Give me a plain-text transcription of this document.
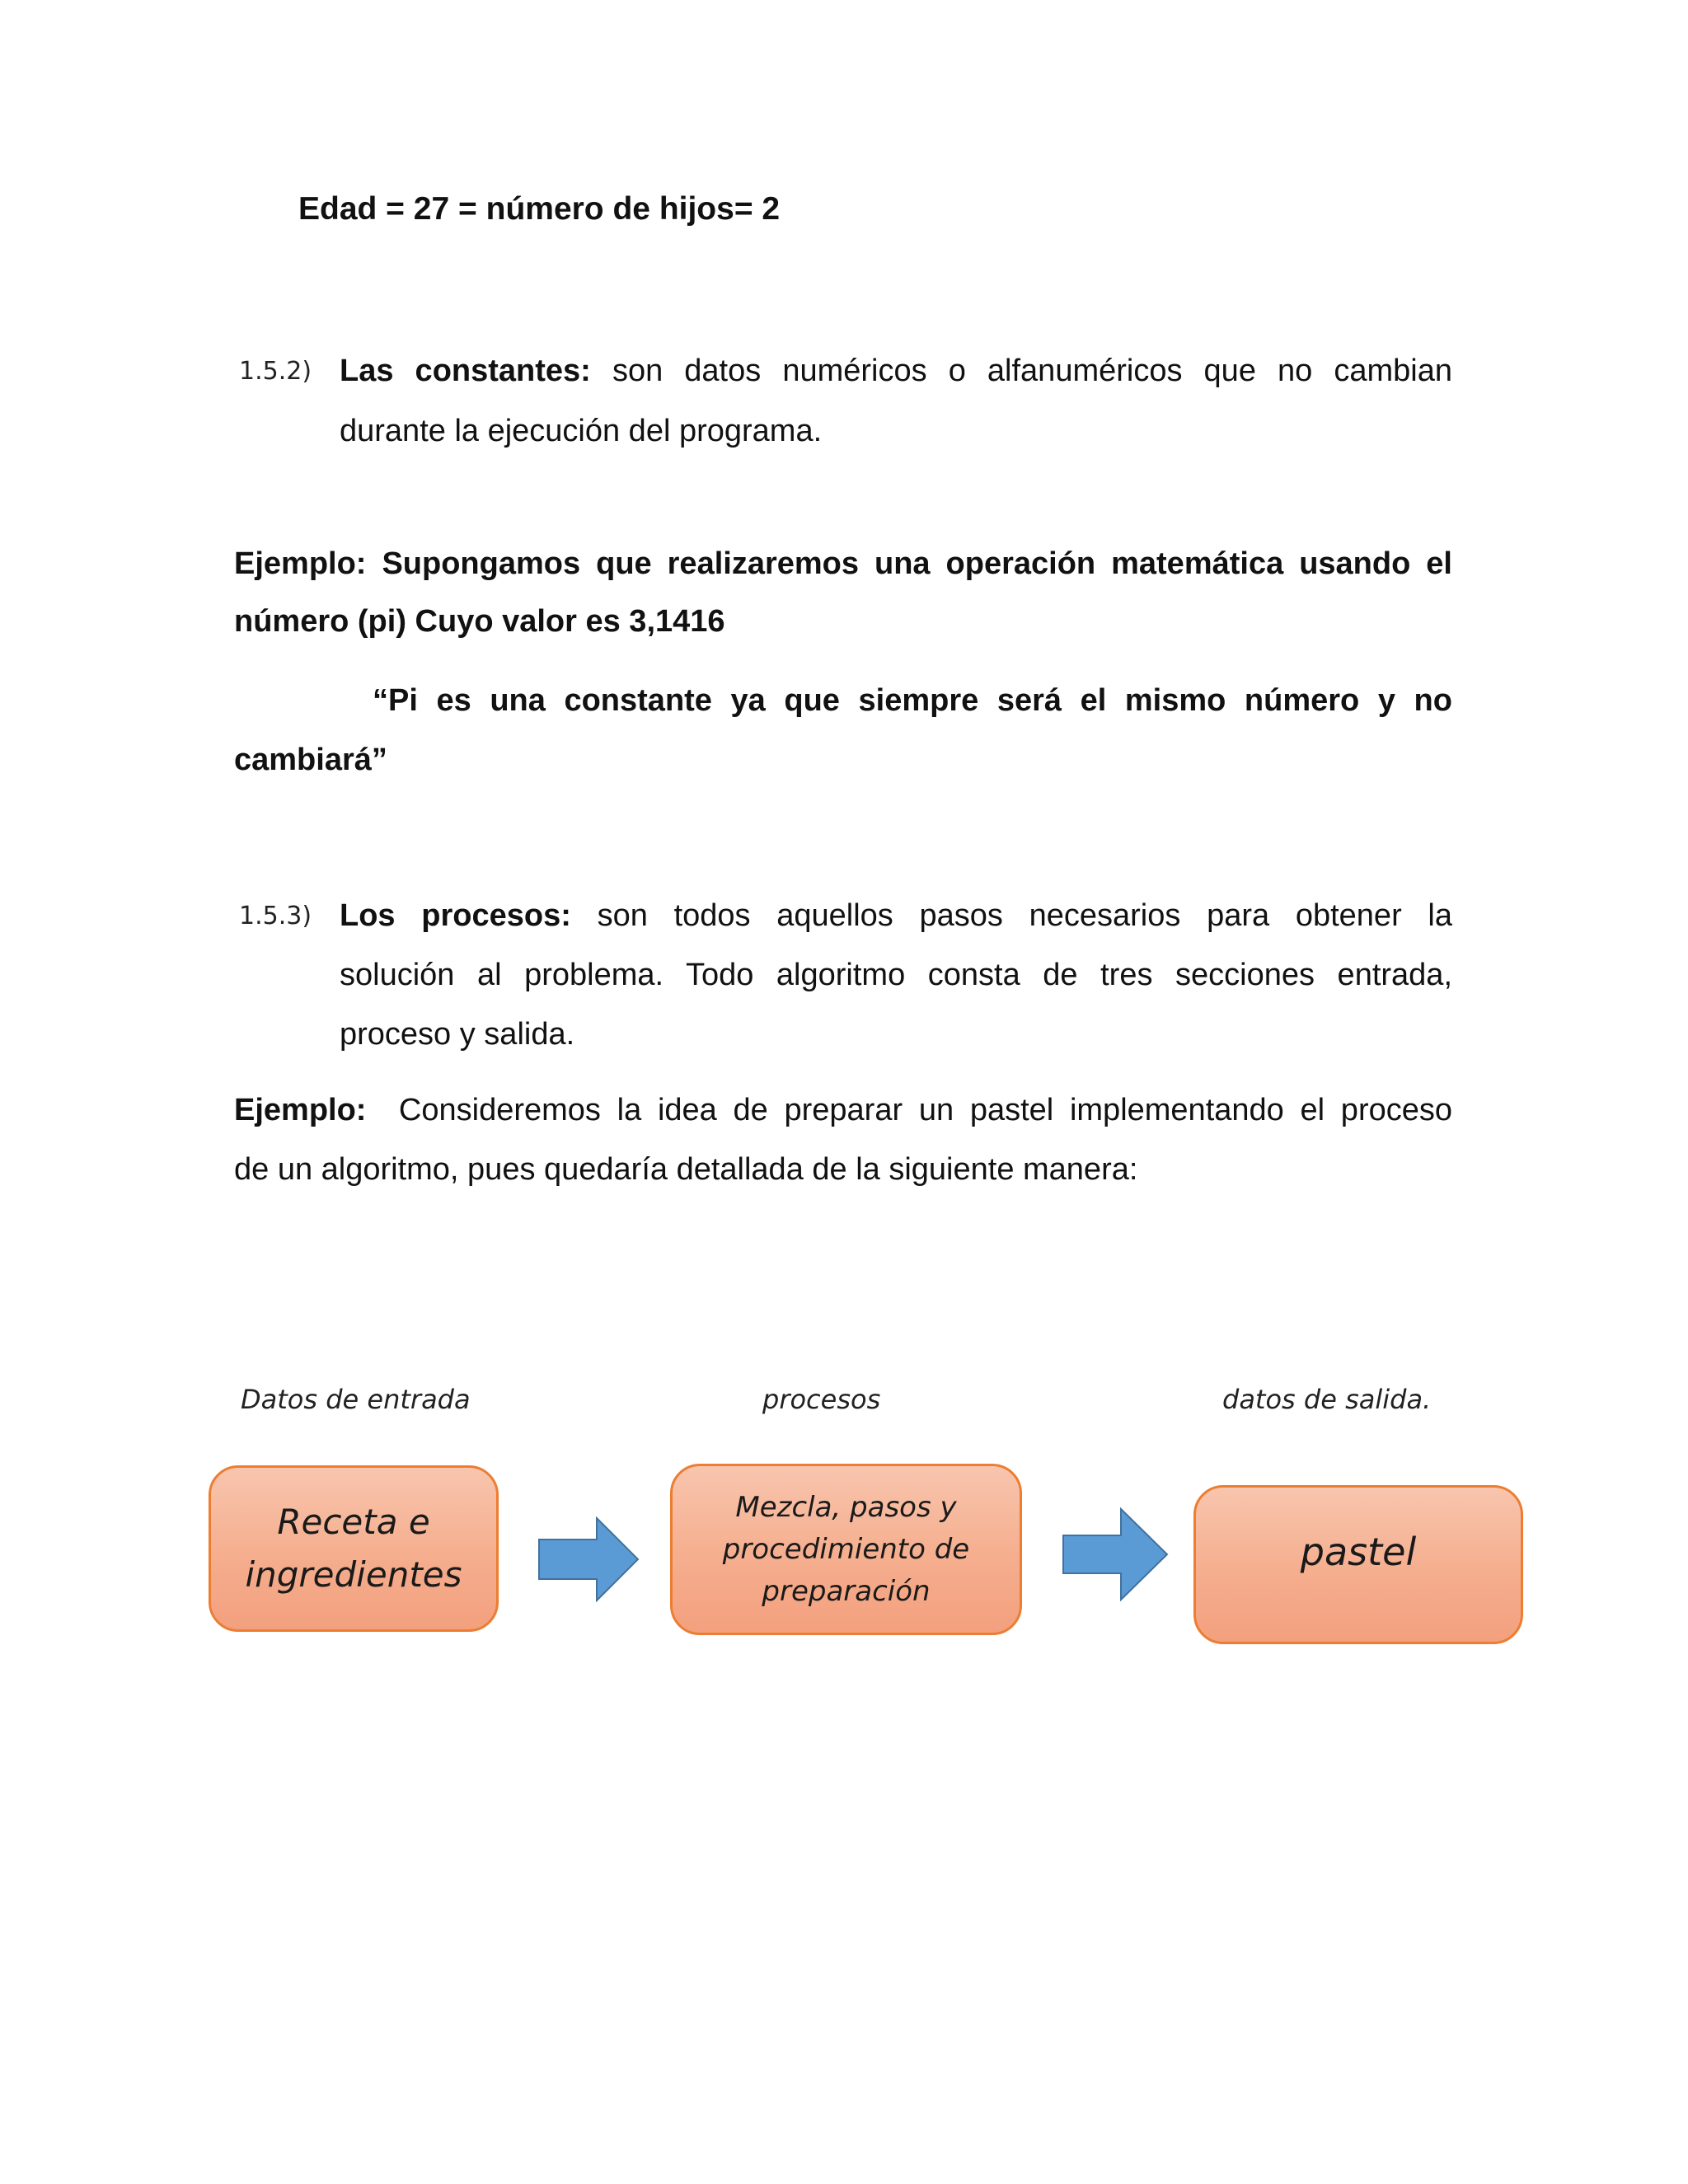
Edad = 27 = número de hijos= 2
1.5.2) Las constantes: son datos numéricos o alfanuméricos que no cambian
durante la ejecución del programa.
Ejemplo: Supongamos que realizaremos una operación matemática usando el
número (pi) Cuyo valor es 3,1416
“Pi es una constante ya que siempre será el mismo número y no
cambiará”
1.5.3) Los procesos: son todos aquellos pasos necesarios para obtener la
solución al problema. Todo algoritmo consta de tres secciones entrada,
proceso y salida.
Ejemplo: Consideremos la idea de preparar un pastel implementando el proceso
de un algoritmo, pues quedaría detallada de la siguiente manera:
Datos de entrada	procesos	datos de salida.
Receta e
ingredientes
Mezcla, pasos y
procedimiento de
preparación
pastel
